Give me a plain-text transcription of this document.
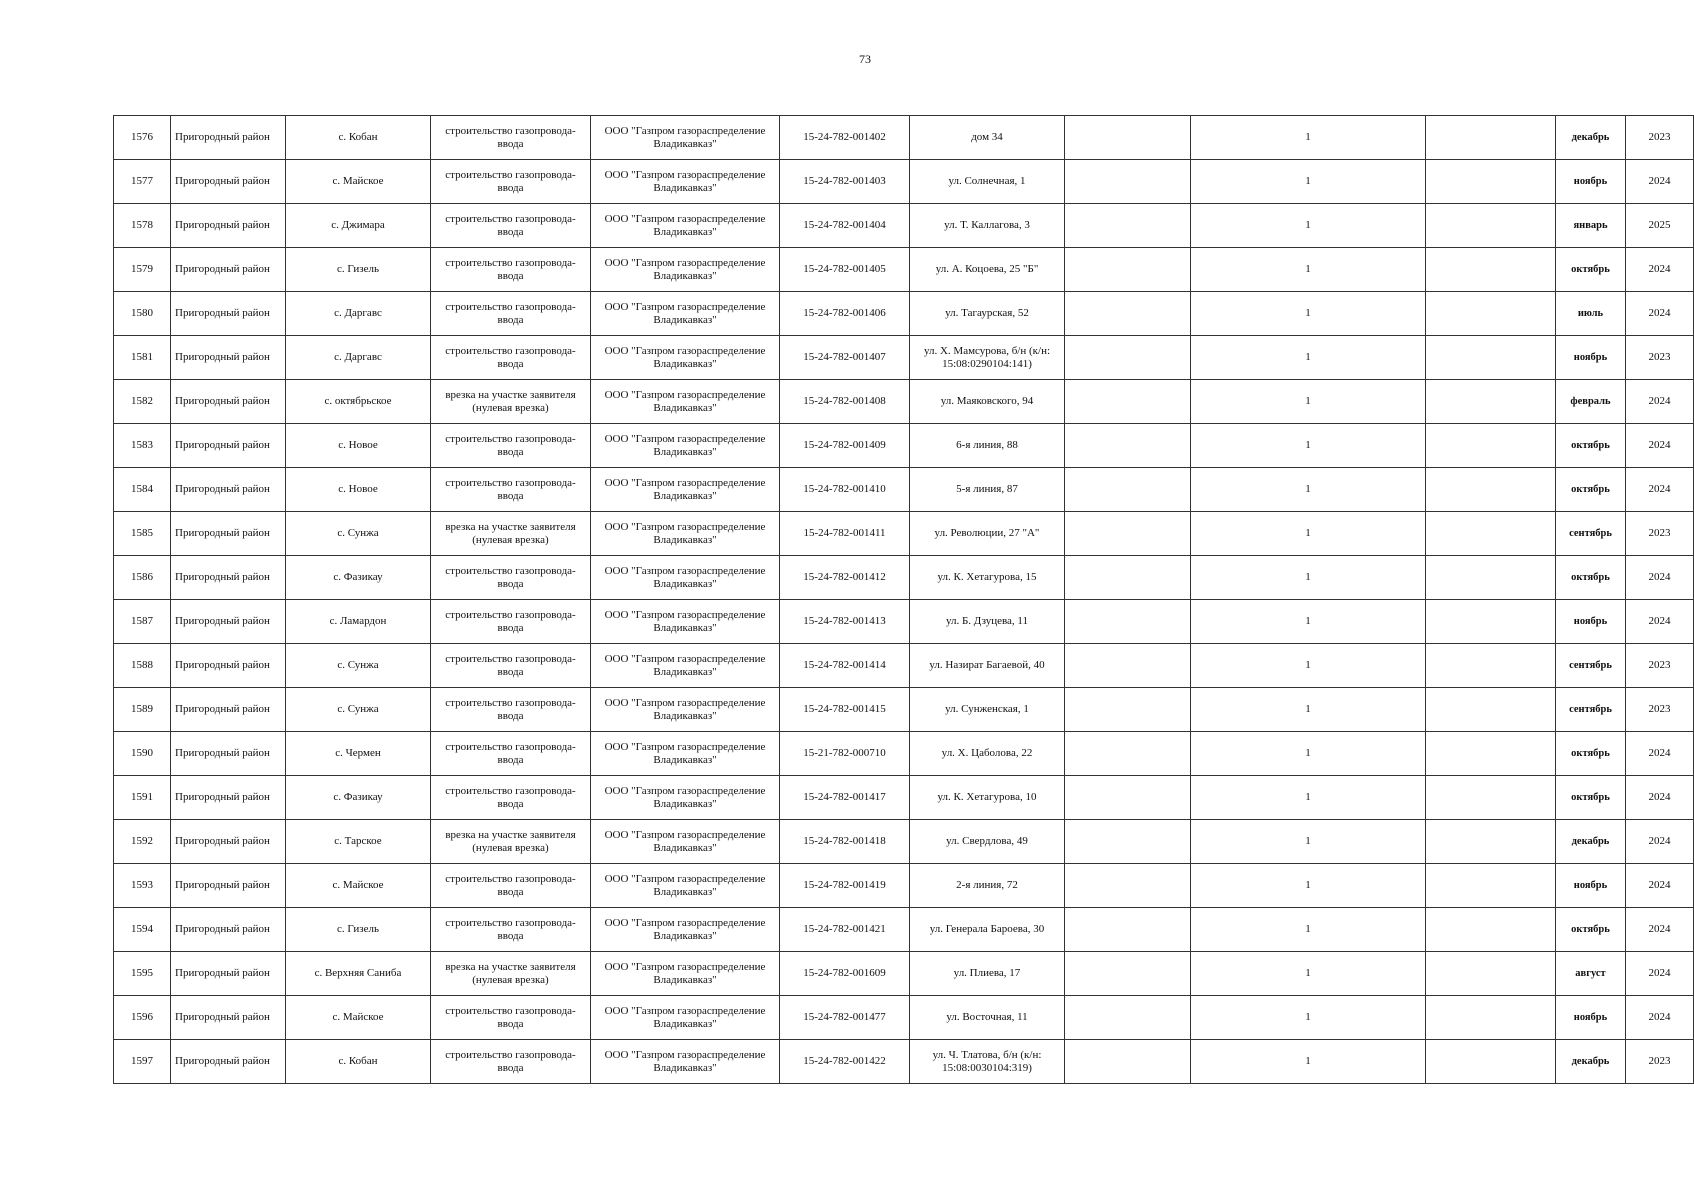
73
1576	Пригородный район	с. Кобан	строительство газопровода-ввода	ООО "Газпром газораспределение Владикавказ"	15-24-782-001402	дом 34		1		декабрь	2023
1577	Пригородный район	с. Майское	строительство газопровода-ввода	ООО "Газпром газораспределение Владикавказ"	15-24-782-001403	ул. Солнечная, 1		1		ноябрь	2024
1578	Пригородный район	с. Джимара	строительство газопровода-ввода	ООО "Газпром газораспределение Владикавказ"	15-24-782-001404	ул. Т. Каллагова, 3		1		январь	2025
1579	Пригородный район	с. Гизель	строительство газопровода-ввода	ООО "Газпром газораспределение Владикавказ"	15-24-782-001405	ул. А. Коцоева, 25 "Б"		1		октябрь	2024
1580	Пригородный район	с. Даргавс	строительство газопровода-ввода	ООО "Газпром газораспределение Владикавказ"	15-24-782-001406	ул. Тагаурская, 52		1		июль	2024
1581	Пригородный район	с. Даргавс	строительство газопровода-ввода	ООО "Газпром газораспределение Владикавказ"	15-24-782-001407	ул. Х. Мамсурова, б/н (к/н: 15:08:0290104:141)		1		ноябрь	2023
1582	Пригородный район	с. октябрьское	врезка на участке заявителя (нулевая врезка)	ООО "Газпром газораспределение Владикавказ"	15-24-782-001408	ул. Маяковского, 94		1		февраль	2024
1583	Пригородный район	с. Новое	строительство газопровода-ввода	ООО "Газпром газораспределение Владикавказ"	15-24-782-001409	6-я линия, 88		1		октябрь	2024
1584	Пригородный район	с. Новое	строительство газопровода-ввода	ООО "Газпром газораспределение Владикавказ"	15-24-782-001410	5-я линия, 87		1		октябрь	2024
1585	Пригородный район	с. Сунжа	врезка на участке заявителя (нулевая врезка)	ООО "Газпром газораспределение Владикавказ"	15-24-782-001411	ул. Революции, 27 "А"		1		сентябрь	2023
1586	Пригородный район	с. Фазикау	строительство газопровода-ввода	ООО "Газпром газораспределение Владикавказ"	15-24-782-001412	ул. К. Хетагурова, 15		1		октябрь	2024
1587	Пригородный район	с. Ламардон	строительство газопровода-ввода	ООО "Газпром газораспределение Владикавказ"	15-24-782-001413	ул. Б. Дзуцева, 11		1		ноябрь	2024
1588	Пригородный район	с. Сунжа	строительство газопровода-ввода	ООО "Газпром газораспределение Владикавказ"	15-24-782-001414	ул. Назират Багаевой, 40		1		сентябрь	2023
1589	Пригородный район	с. Сунжа	строительство газопровода-ввода	ООО "Газпром газораспределение Владикавказ"	15-24-782-001415	ул. Сунженская, 1		1		сентябрь	2023
1590	Пригородный район	с. Чермен	строительство газопровода-ввода	ООО "Газпром газораспределение Владикавказ"	15-21-782-000710	ул. Х. Цаболова, 22		1		октябрь	2024
1591	Пригородный район	с. Фазикау	строительство газопровода-ввода	ООО "Газпром газораспределение Владикавказ"	15-24-782-001417	ул. К. Хетагурова, 10		1		октябрь	2024
1592	Пригородный район	с. Тарское	врезка на участке заявителя (нулевая врезка)	ООО "Газпром газораспределение Владикавказ"	15-24-782-001418	ул. Свердлова, 49		1		декабрь	2024
1593	Пригородный район	с. Майское	строительство газопровода-ввода	ООО "Газпром газораспределение Владикавказ"	15-24-782-001419	2-я линия, 72		1		ноябрь	2024
1594	Пригородный район	с. Гизель	строительство газопровода-ввода	ООО "Газпром газораспределение Владикавказ"	15-24-782-001421	ул. Генерала Бароева, 30		1		октябрь	2024
1595	Пригородный район	с. Верхняя Саниба	врезка на участке заявителя (нулевая врезка)	ООО "Газпром газораспределение Владикавказ"	15-24-782-001609	ул. Плиева, 17		1		август	2024
1596	Пригородный район	с. Майское	строительство газопровода-ввода	ООО "Газпром газораспределение Владикавказ"	15-24-782-001477	ул. Восточная, 11		1		ноябрь	2024
1597	Пригородный район	с. Кобан	строительство газопровода-ввода	ООО "Газпром газораспределение Владикавказ"	15-24-782-001422	ул. Ч. Тлатова, б/н (к/н: 15:08:0030104:319)		1		декабрь	2023
